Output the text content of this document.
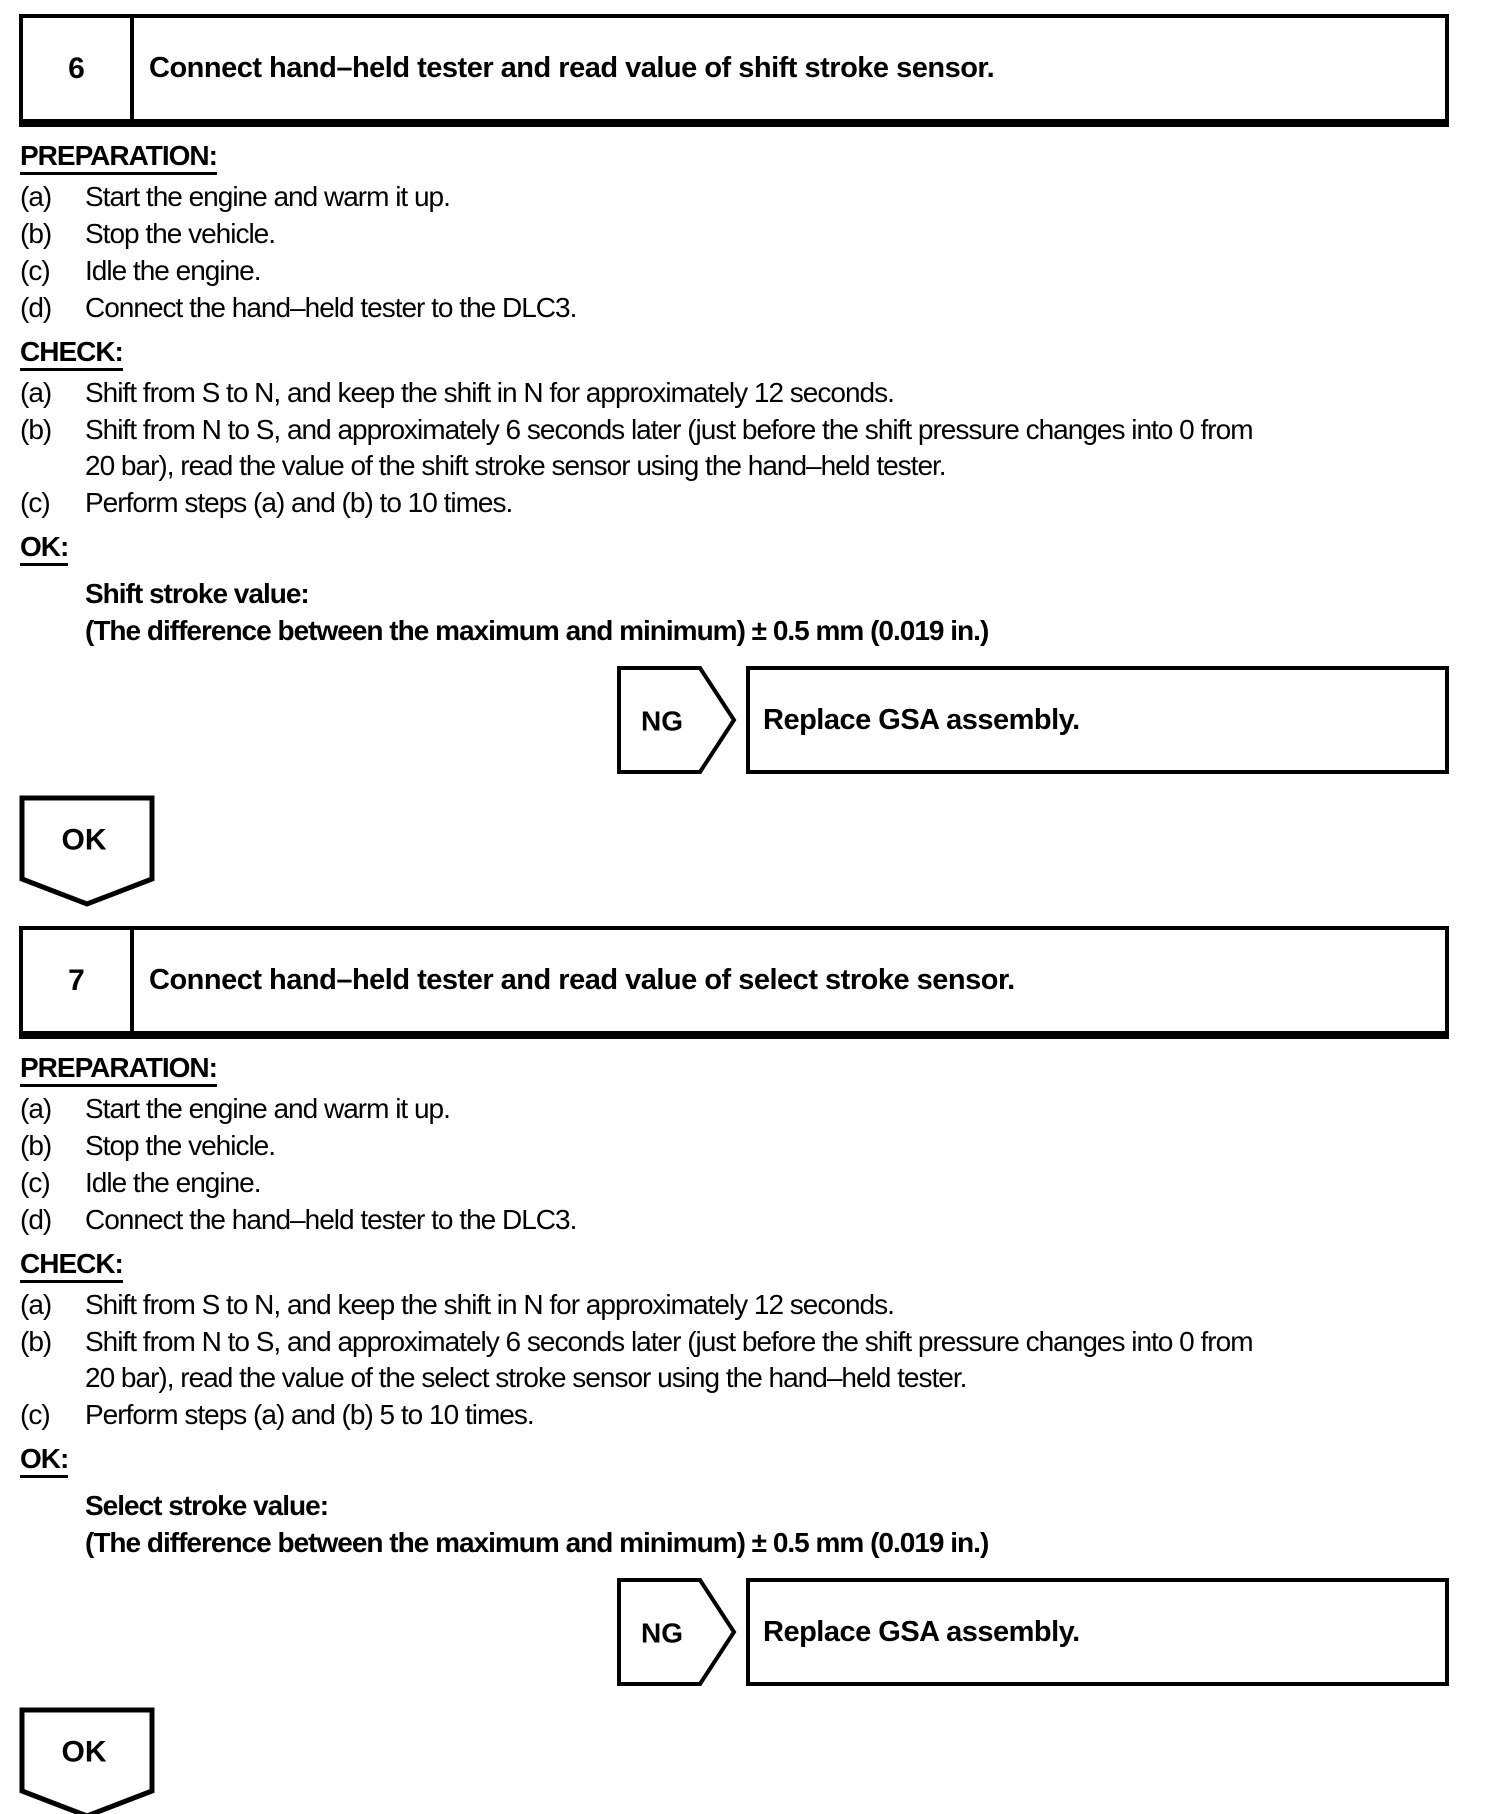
6	Connect hand–held tester and read value of shift stroke sensor.
PREPARATION:
(a)	Start the engine and warm it up.
(b)	Stop the vehicle.
(c)	Idle the engine.
(d)	Connect the hand–held tester to the DLC3.
CHECK:
(a)	Shift from S to N, and keep the shift in N for approximately 12 seconds.
(b)	Shift from N to S, and approximately 6 seconds later (just before the shift pressure changes into 0 from
20 bar), read the value of the shift stroke sensor using the hand–held tester.
(c)	Perform steps (a) and (b) to 10 times.
OK:
Shift stroke value:
(The difference between the maximum and minimum) ± 0.5 mm (0.019 in.)
NG	Replace GSA assembly.
OK
7	Connect hand–held tester and read value of select stroke sensor.
PREPARATION:
(a)	Start the engine and warm it up.
(b)	Stop the vehicle.
(c)	Idle the engine.
(d)	Connect the hand–held tester to the DLC3.
CHECK:
(a)	Shift from S to N, and keep the shift in N for approximately 12 seconds.
(b)	Shift from N to S, and approximately 6 seconds later (just before the shift pressure changes into 0 from
20 bar), read the value of the select stroke sensor using the hand–held tester.
(c)	Perform steps (a) and (b) 5 to 10 times.
OK:
Select stroke value:
(The difference between the maximum and minimum) ± 0.5 mm (0.019 in.)
NG	Replace GSA assembly.
OK
